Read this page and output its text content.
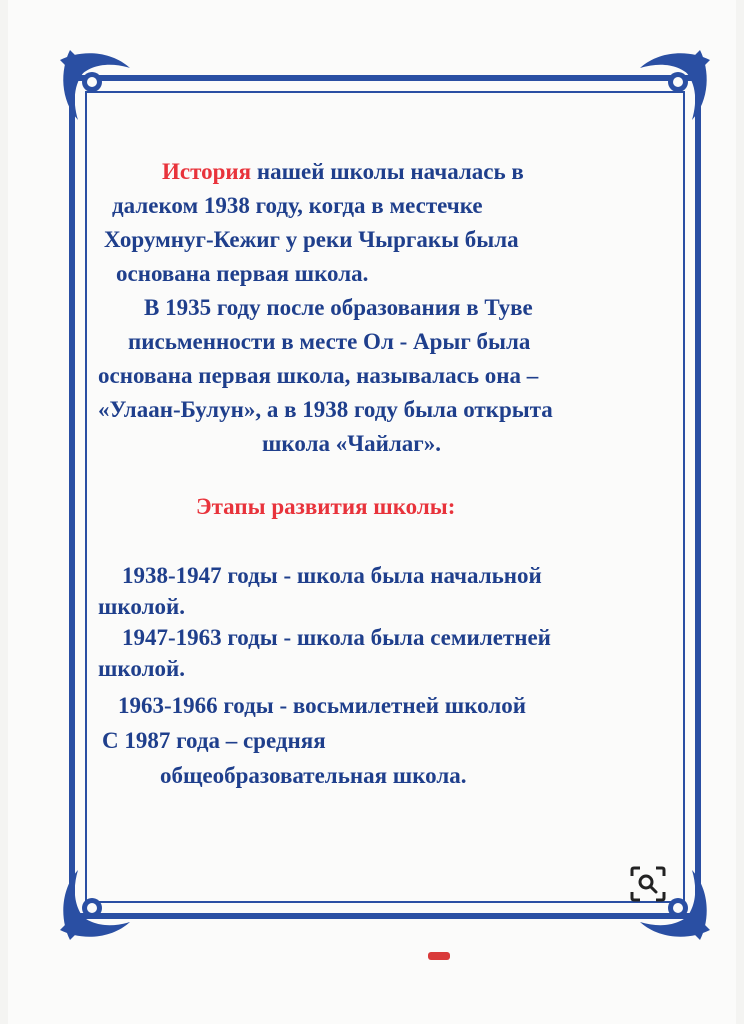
История нашей школы началась в
далеком 1938 году, когда в местечке
Хорумнуг-Кежиг у реки Чыргакы была
основана первая школа.
В 1935 году после образования в Туве
письменности в месте Ол - Арыг была
основана первая школа, называлась она –
«Улаан-Булун», а в 1938 году была открыта
школа «Чайлаг».
Этапы развития школы:
1938-1947 годы - школа была начальной
школой.
1947-1963 годы - школа была семилетней
школой.
1963-1966 годы - восьмилетней школой
С 1987 года – средняя
общеобразовательная школа.
